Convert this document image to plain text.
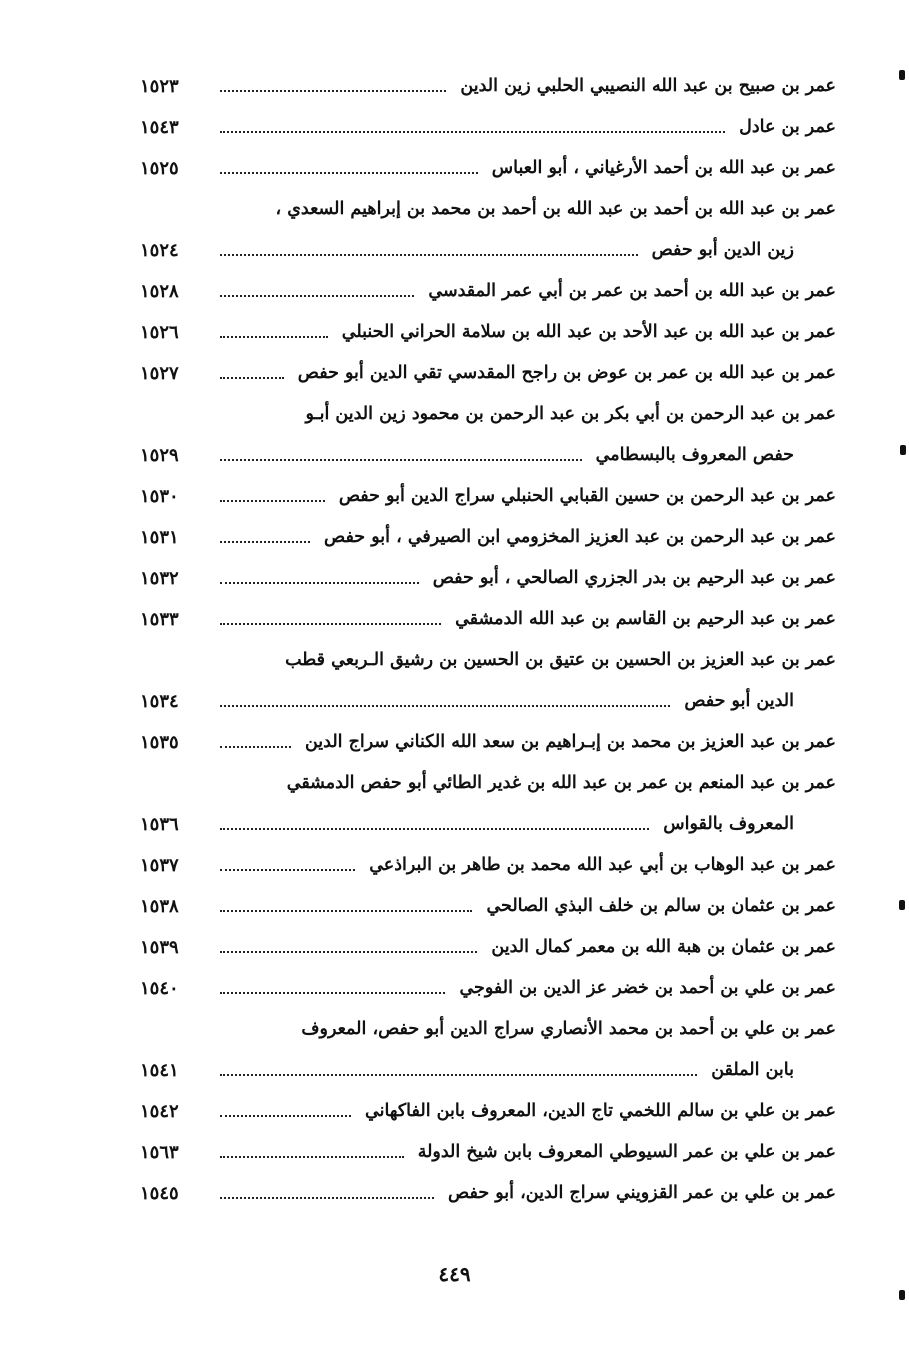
عمر بن صبيح بن عبد الله النصيبي الحلبي زين الدين
١٥٢٣
عمر بن عادل
١٥٤٣
عمر بن عبد الله بن أحمد الأرغياني ، أبو العباس
١٥٢٥
عمر بن عبد الله بن أحمد بن عبد الله بن أحمد بن محمد بن إبراهيم السعدي ،
زين الدين أبو حفص
١٥٢٤
عمر بن عبد الله بن أحمد بن عمر بن أبي عمر المقدسي
١٥٢٨
عمر بن عبد الله بن عبد الأحد بن عبد الله بن سلامة الحراني الحنبلي
١٥٢٦
عمر بن عبد الله بن عمر بن عوض بن راجح المقدسي تقي الدين أبو حفص
١٥٢٧
عمر بن عبد الرحمن بن أبي بكر بن عبد الرحمن بن محمود زين الدين أبـو
حفص المعروف بالبسطامي
١٥٢٩
عمر بن عبد الرحمن بن حسين القبابي الحنبلي سراج الدين أبو حفص
١٥٣٠
عمر بن عبد الرحمن بن عبد العزيز المخزومي ابن الصيرفي ، أبو حفص
١٥٣١
عمر بن عبد الرحيم بن بدر الجزري الصالحي ، أبو حفص
١٥٣٢
عمر بن عبد الرحيم بن القاسم بن عبد الله الدمشقي
١٥٣٣
عمر بن عبد العزيز بن الحسين بن عتيق بن الحسين بن رشيق الـربعي قطب
الدين أبو حفص
١٥٣٤
عمر بن عبد العزيز بن محمد بن إبـراهيم بن سعد الله الكناني سراج الدين
١٥٣٥
عمر بن عبد المنعم بن عمر بن عبد الله بن غدير الطائي أبو حفص الدمشقي
المعروف بالقواس
١٥٣٦
عمر بن عبد الوهاب بن أبي عبد الله محمد بن طاهر بن البراذعي
١٥٣٧
عمر بن عثمان بن سالم بن خلف البذي الصالحي
١٥٣٨
عمر بن عثمان بن هبة الله بن معمر كمال الدين
١٥٣٩
عمر بن علي بن أحمد بن خضر عز الدين بن الفوجي
١٥٤٠
عمر بن علي بن أحمد بن محمد الأنصاري سراج الدين أبو حفص، المعروف
بابن الملقن
١٥٤١
عمر بن علي بن سالم اللخمي تاج الدين، المعروف بابن الفاكهاني
١٥٤٢
عمر بن علي بن عمر السيوطي المعروف بابن شيخ الدولة
١٥٦٣
عمر بن علي بن عمر القزويني سراج الدين، أبو حفص
١٥٤٥
٤٤٩
